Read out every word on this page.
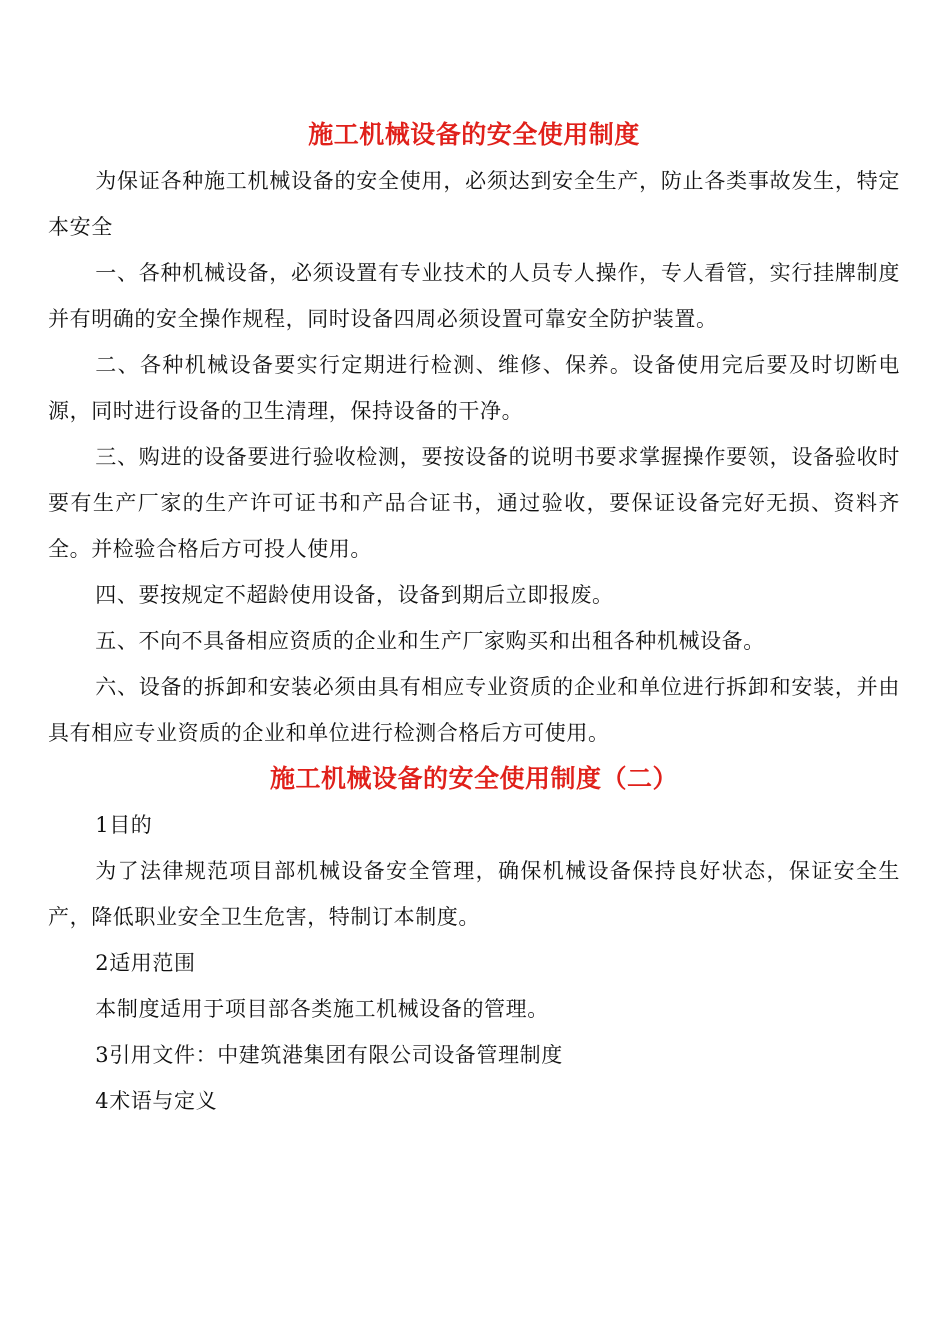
施工机械设备的安全使用制度

为保证各种施工机械设备的安全使用，必须达到安全生产，防止各类事故发生，特定本安全

一、各种机械设备，必须设置有专业技术的人员专人操作，专人看管，实行挂牌制度并有明确的安全操作规程，同时设备四周必须设置可靠安全防护装置。

二、各种机械设备要实行定期进行检测、维修、保养。设备使用完后要及时切断电源，同时进行设备的卫生清理，保持设备的干净。

三、购进的设备要进行验收检测，要按设备的说明书要求掌握操作要领，设备验收时要有生产厂家的生产许可证书和产品合证书，通过验收，要保证设备完好无损、资料齐全。并检验合格后方可投人使用。

四、要按规定不超龄使用设备，设备到期后立即报废。

五、不向不具备相应资质的企业和生产厂家购买和出租各种机械设备。

六、设备的拆卸和安装必须由具有相应专业资质的企业和单位进行拆卸和安装，并由具有相应专业资质的企业和单位进行检测合格后方可使用。

施工机械设备的安全使用制度（二）

1目的

为了法律规范项目部机械设备安全管理，确保机械设备保持良好状态，保证安全生产，降低职业安全卫生危害，特制订本制度。

2适用范围

本制度适用于项目部各类施工机械设备的管理。

3引用文件：中建筑港集团有限公司设备管理制度

4术语与定义
